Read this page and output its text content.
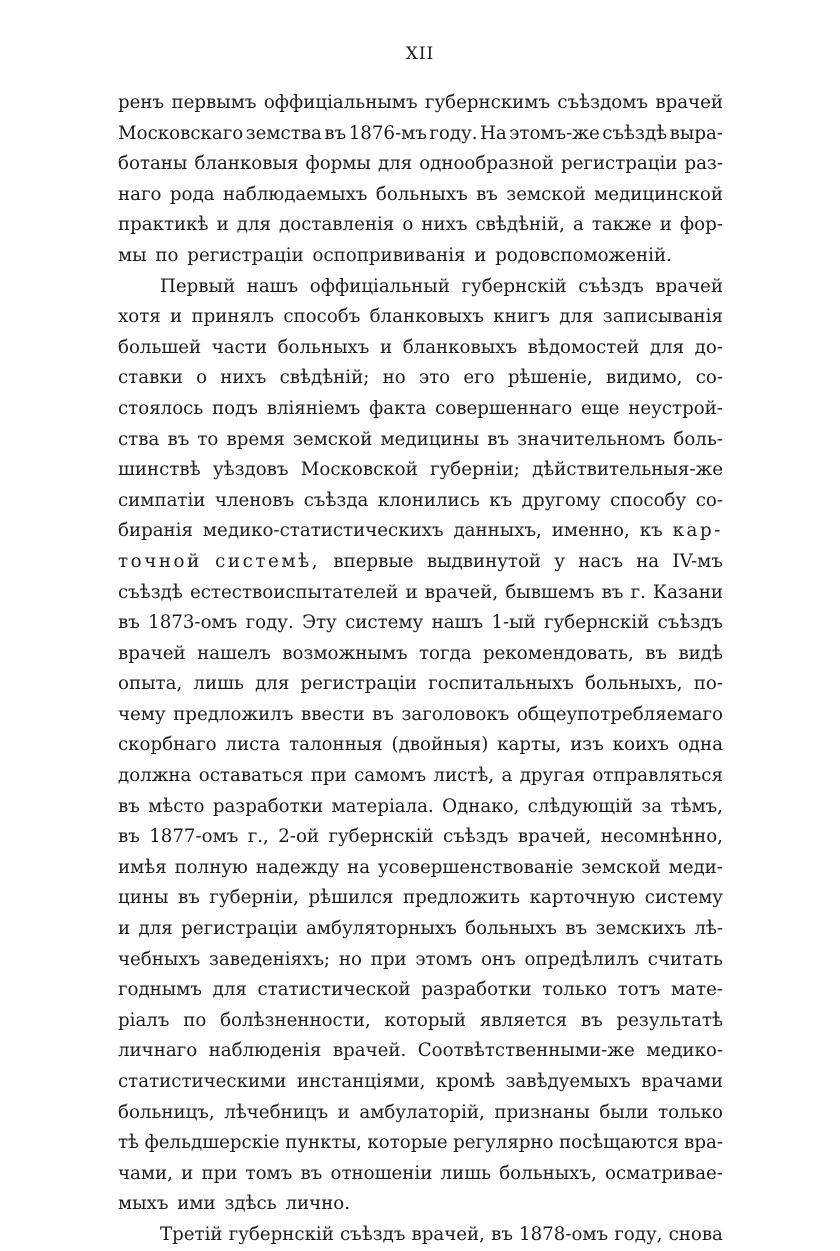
XII
ренъ первымъ оффиціальнымъ губернскимъ съѣздомъ врачей
Московскаго земства въ 1876-мъ году. На этомъ-же съѣздѣ выра-
ботаны бланковыя формы для однообразной регистраціи раз-
наго рода наблюдаемыхъ больныхъ въ земской медицинской
практикѣ и для доставленія о нихъ свѣдѣній, а также и фор-
мы
по
регистраціи
оспопрививанія
и
родовспоможеній.
Первый нашъ оффиціальный губернскій съѣздъ врачей
хотя и принялъ способъ бланковыхъ книгъ для записыванія
большей части больныхъ и бланковыхъ вѣдомостей для до-
ставки о нихъ свѣдѣній; но это его рѣшеніе, видимо, со-
стоялось подъ вліяніемъ факта совершеннаго еще неустрой-
ства въ то время земской медицины въ значительномъ боль-
шинствѣ уѣздовъ Московской губерніи; дѣйствительныя-же
симпатіи членовъ съѣзда клонились къ другому способу со-
биранія медико-статистическихъ данныхъ, именно, къ кар-
точной системѣ, впервые выдвинутой у насъ на IV-мъ
съѣздѣ естествоиспытателей и врачей, бывшемъ въ г. Казани
въ 1873-омъ году. Эту систему нашъ 1-ый губернскій съѣздъ
врачей нашелъ возможнымъ тогда рекомендовать, въ видѣ
опыта, лишь для регистраціи госпитальныхъ больныхъ, по-
чему предложилъ ввести въ заголовокъ общеупотребляемаго
скорбнаго листа талонныя (двойныя) карты, изъ коихъ одна
должна оставаться при самомъ листѣ, а другая отправляться
въ мѣсто разработки матеріала. Однако, слѣдующій за тѣмъ,
въ 1877-омъ г., 2-ой губернскій съѣздъ врачей, несомнѣнно,
имѣя полную надежду на усовершенствованіе земской меди-
цины въ губерніи, рѣшился предложить карточную систему
и для регистраціи амбуляторныхъ больныхъ въ земскихъ лѣ-
чебныхъ заведеніяхъ; но при этомъ онъ опредѣлилъ считать
годнымъ для статистической разработки только тотъ мате-
ріалъ по болѣзненности, который является въ результатѣ
личнаго наблюденія врачей. Соотвѣтственными-же медико-
статистическими инстанціями, кромѣ завѣдуемыхъ врачами
больницъ, лѣчебницъ и амбулаторій, признаны были только
тѣ фельдшерскіе пункты, которые регулярно посѣщаются вра-
чами, и при томъ въ отношеніи лишь больныхъ, осматривае-
мыхъ
ими
здѣсь
лично.
Третій губернскій съѣздъ врачей, въ 1878-омъ году, снова
